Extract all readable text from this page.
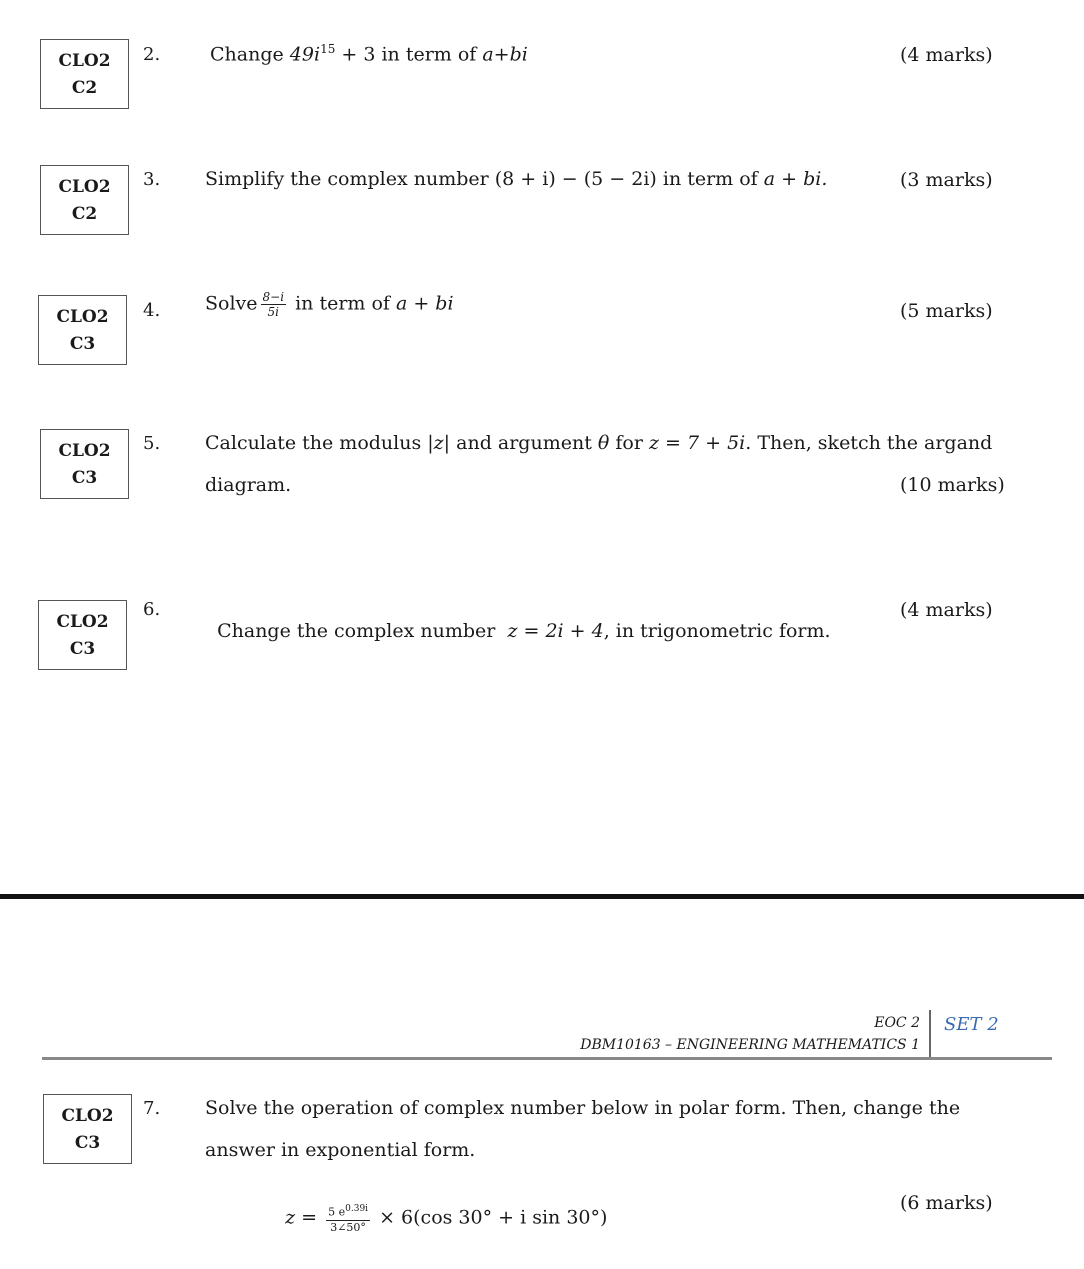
CLO2
C2
2.	Change $49i^{15} + 3$ in term of a+bi	(4 marks)
CLO2
C2
3. Simplify the complex number (8 + i) − (5 − 2i) in term of a + bi.	(3 marks)
CLO2
C3
4. Solve $\frac{8-i}{5i}$ in term of a + bi	(5 marks)
CLO2
C3
5. Calculate the modulus |z| and argument θ for z = 7 + 5i. Then, sketch the argand
diagram.	(10 marks)
CLO2
C3
6.

Change the complex number  z = 2i + 4, in trigonometric form.

(4 marks)
EOC 2
DBM10163 – ENGINEERING MATHEMATICS 1
SET 2
CLO2
C3
7. Solve the operation of complex number below in polar form. Then, change the
answer in exponential form.

$z = \frac{5 e^{0.39i}}{3\angle 50^\circ} \times 6(\cos$ 30° + i sin 30°)

(6 marks)
